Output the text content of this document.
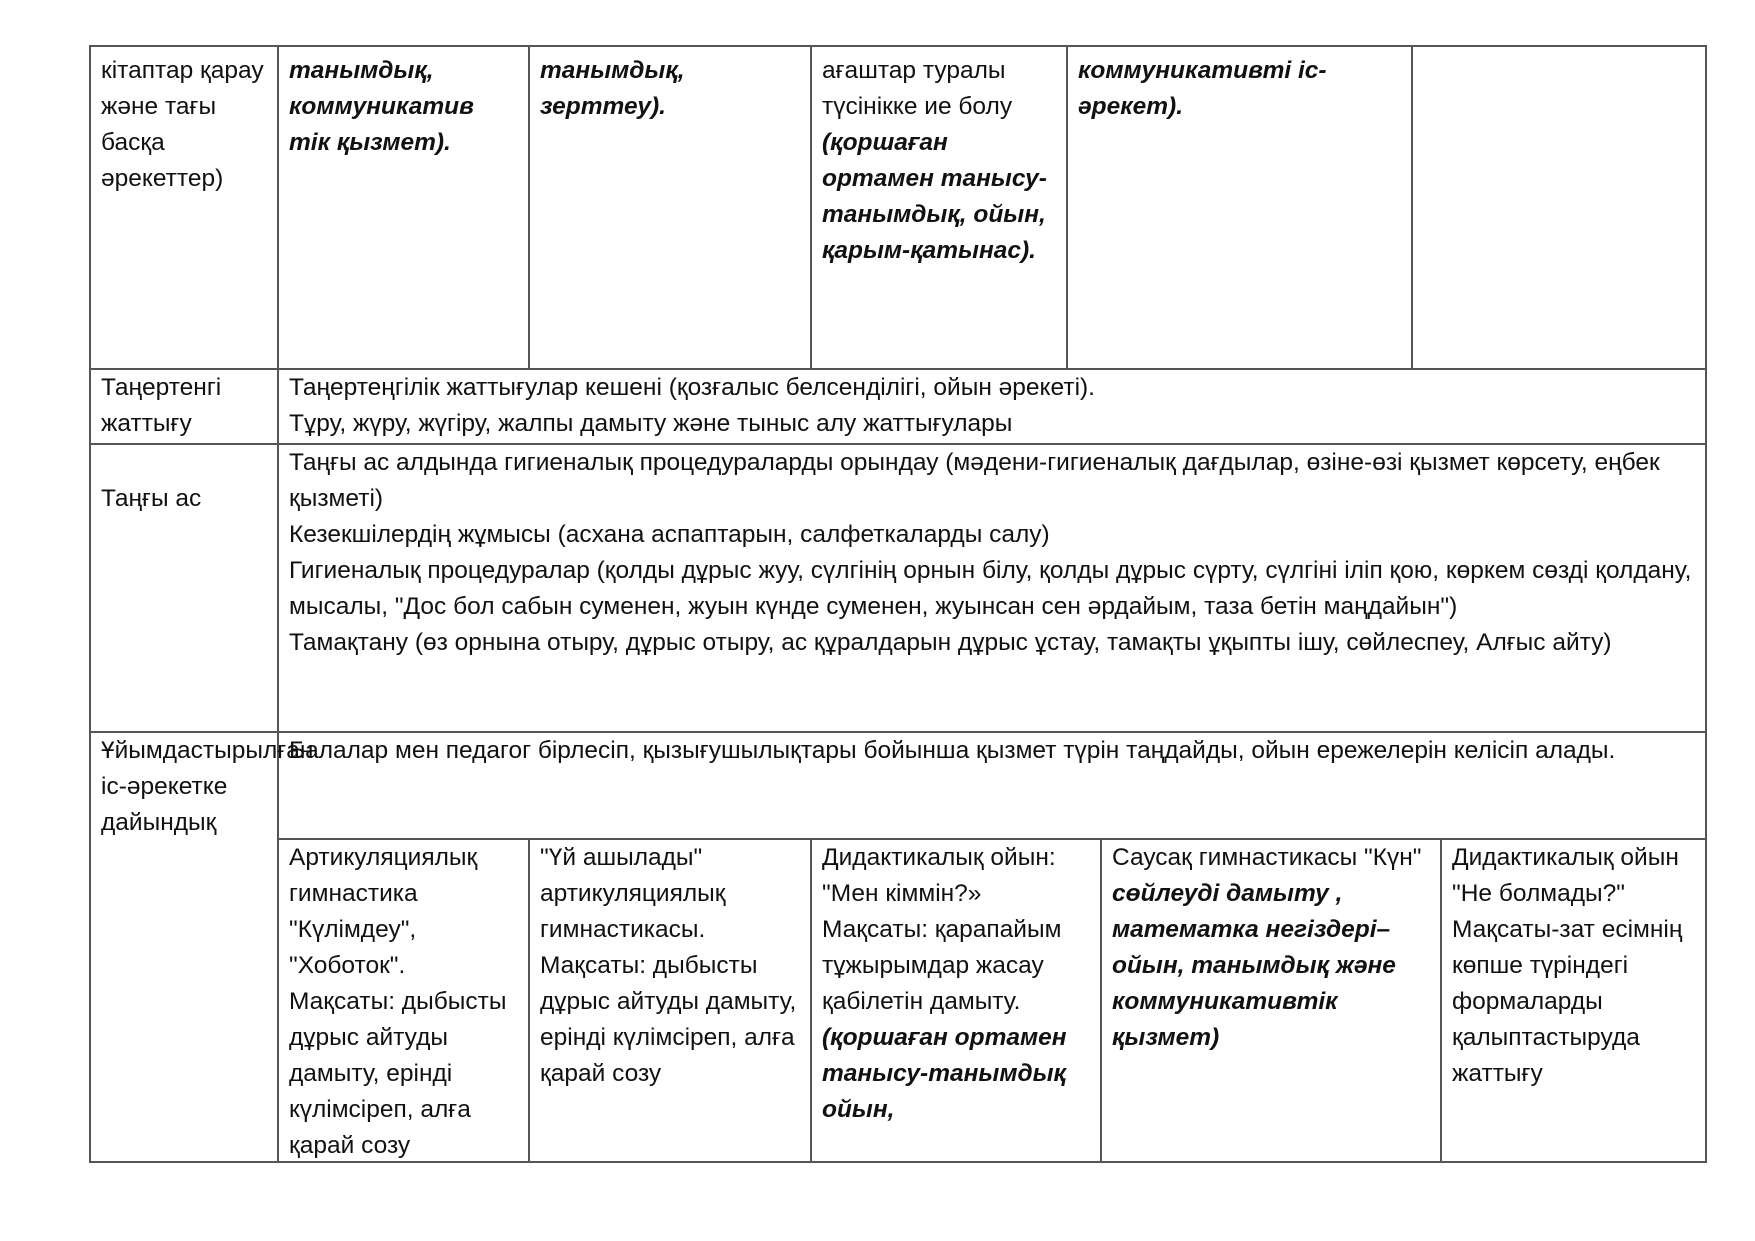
кітаптар қарау және тағы басқа әрекеттер)
танымдық, коммуникатив тік қызмет).
танымдық, зерттеу).
ағаштар туралы түсінікке ие болу (қоршаған ортамен танысу-танымдық, ойын, қарым-қатынас).
коммуникативті іс-әрекет).
Таңертенгі жаттығу
Таңертеңгілік жаттығулар кешені (қозғалыс белсенділігі, ойын әрекеті).
Тұру, жүру, жүгіру, жалпы дамыту және тыныс алу жаттығулары
Таңғы ас
Таңғы ас алдында гигиеналық процедураларды орындау (мәдени-гигиеналық дағдылар, өзіне-өзі қызмет көрсету, еңбек қызметі)
Кезекшілердің жұмысы (асхана аспаптарын, салфеткаларды салу)
Гигиеналық процедуралар (қолды дұрыс жуу, сүлгінің орнын білу, қолды дұрыс сүрту, сүлгіні іліп қою, көркем сөзді қолдану, мысалы, "Дос бол сабын суменен, жуын күнде суменен, жуынсан сен әрдайым, таза бетін маңдайын")
Тамақтану (өз орнына отыру, дұрыс отыру, ас құралдарын дұрыс ұстау, тамақты ұқыпты ішу, сөйлеспеу, Алғыс айту)
Ұйымдастырылған іс-әрекетке дайындық
Балалар мен педагог бірлесіп, қызығушылықтары бойынша қызмет түрін таңдайды, ойын ережелерін келісіп алады.
Артикуляциялық гимнастика "Күлімдеу", "Хоботок". Мақсаты: дыбысты дұрыс айтуды дамыту, ерінді күлімсіреп, алға қарай созу
"Үй ашылады" артикуляциялық гимнастикасы. Мақсаты: дыбысты дұрыс айтуды дамыту, ерінді күлімсіреп, алға қарай созу
Дидактикалық ойын: "Мен кіммін?» Мақсаты: қарапайым тұжырымдар жасау қабілетін дамыту. (қоршаған ортамен танысу-танымдық ойын,
Саусақ гимнастикасы "Күн"
сөйлеуді дамыту , математка негіздері– ойын, танымдық және коммуникативтік қызмет)
Дидактикалық ойын "Не болмады?" Мақсаты-зат есімнің көпше түріндегі формаларды қалыптастыруда жаттығу
